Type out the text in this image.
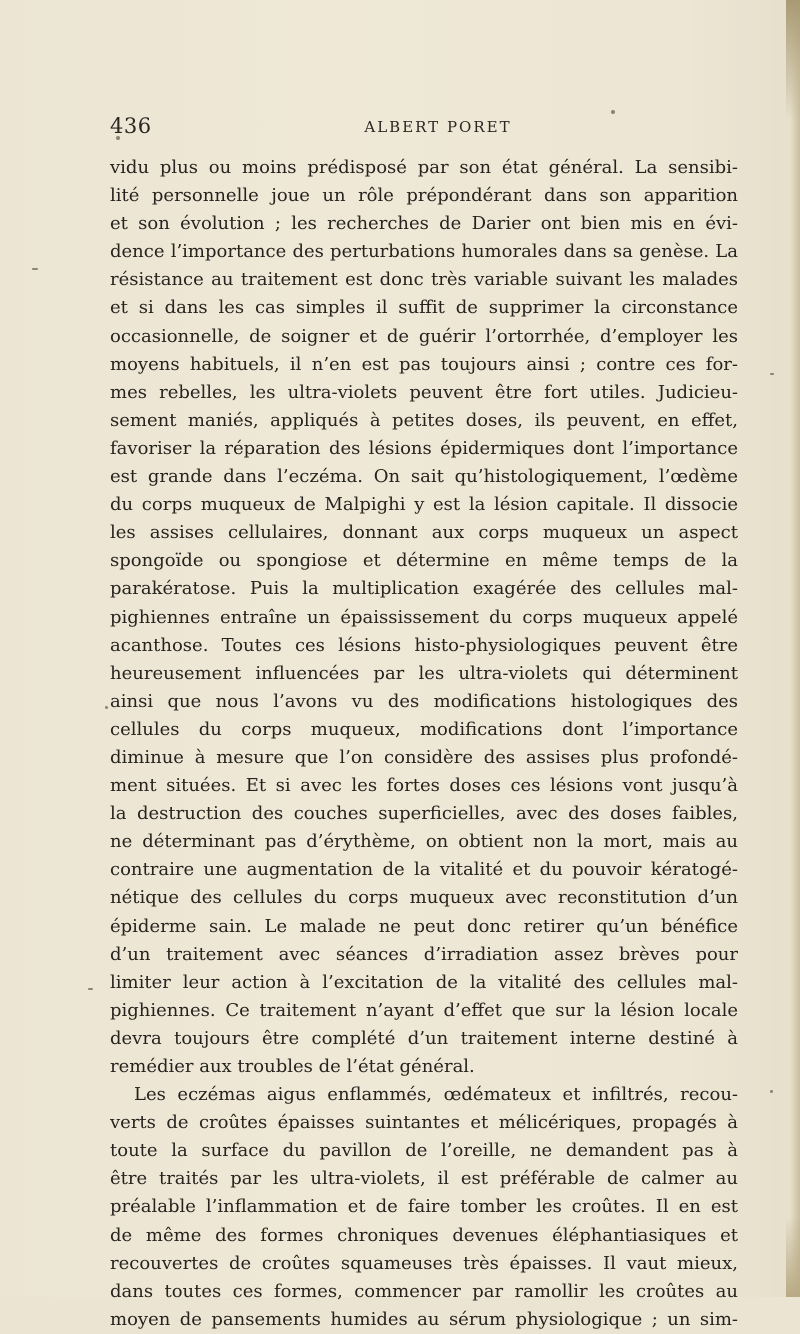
436	ALBERT PORET
vidu plus ou moins prédisposé par son état général. La sensibi-
lité personnelle joue un rôle prépondérant dans son apparition
et son évolution ; les recherches de Darier ont bien mis en évi-
dence l’importance des perturbations humorales dans sa genèse. La
résistance au traitement est donc très variable suivant les malades
et si dans les cas simples il suffit de supprimer la circonstance
occasionnelle, de soigner et de guérir l’ortorrhée, d’employer les
moyens habituels, il n’en est pas toujours ainsi ; contre ces for-
mes rebelles, les ultra-violets peuvent être fort utiles. Judicieu-
sement maniés, appliqués à petites doses, ils peuvent, en effet,
favoriser la réparation des lésions épidermiques dont l’importance
est grande dans l’eczéma. On sait qu’histologiquement, l’œdème
du corps muqueux de Malpighi y est la lésion capitale. Il dissocie
les assises cellulaires, donnant aux corps muqueux un aspect
spongoïde ou spongiose et détermine en même temps de la
parakératose. Puis la multiplication exagérée des cellules mal-
pighiennes entraîne un épaississement du corps muqueux appelé
acanthose. Toutes ces lésions histo-physiologiques peuvent être
heureusement influencées par les ultra-violets qui déterminent
ainsi que nous l’avons vu des modifications histologiques des
cellules du corps muqueux, modifications dont l’importance
diminue à mesure que l’on considère des assises plus profondé-
ment situées. Et si avec les fortes doses ces lésions vont jusqu’à
la destruction des couches superficielles, avec des doses faibles,
ne déterminant pas d’érythème, on obtient non la mort, mais au
contraire une augmentation de la vitalité et du pouvoir kératogé-
nétique des cellules du corps muqueux avec reconstitution d’un
épiderme sain. Le malade ne peut donc retirer qu’un bénéfice
d’un traitement avec séances d’irradiation assez brèves pour
limiter leur action à l’excitation de la vitalité des cellules mal-
pighiennes. Ce traitement n’ayant d’effet que sur la lésion locale
devra toujours être complété d’un traitement interne destiné à
remédier aux troubles de l’état général.
Les eczémas aigus enflammés, œdémateux et infiltrés, recou-
verts de croûtes épaisses suintantes et mélicériques, propagés à
toute la surface du pavillon de l’oreille, ne demandent pas à
être traités par les ultra-violets, il est préférable de calmer au
préalable l’inflammation et de faire tomber les croûtes. Il en est
de même des formes chroniques devenues éléphantiasiques et
recouvertes de croûtes squameuses très épaisses. Il vaut mieux,
dans toutes ces formes, commencer par ramollir les croûtes au
moyen de pansements humides au sérum physiologique ; un sim-
